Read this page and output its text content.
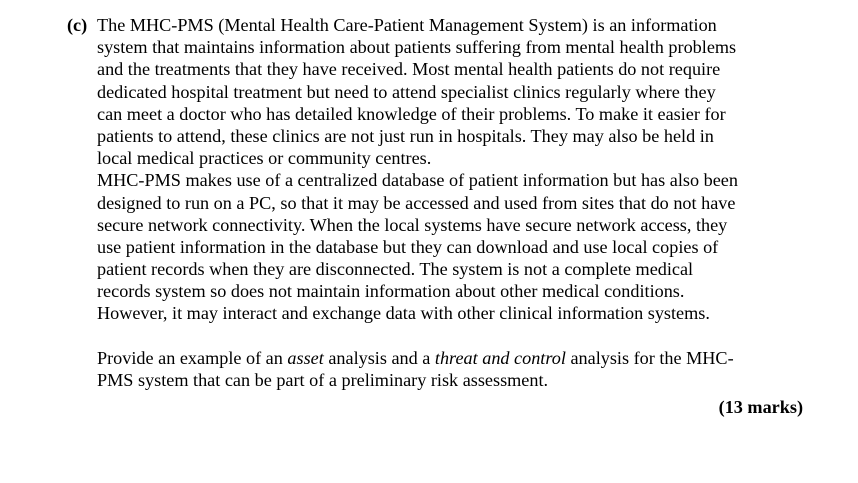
(c) The MHC-PMS (Mental Health Care-Patient Management System) is an information
system that maintains information about patients suffering from mental health problems
and the treatments that they have received. Most mental health patients do not require
dedicated hospital treatment but need to attend specialist clinics regularly where they
can meet a doctor who has detailed knowledge of their problems. To make it easier for
patients to attend, these clinics are not just run in hospitals. They may also be held in
local medical practices or community centres.
MHC-PMS makes use of a centralized database of patient information but has also been
designed to run on a PC, so that it may be accessed and used from sites that do not have
secure network connectivity. When the local systems have secure network access, they
use patient information in the database but they can download and use local copies of
patient records when they are disconnected. The system is not a complete medical
records system so does not maintain information about other medical conditions.
However, it may interact and exchange data with other clinical information systems.
Provide an example of an asset analysis and a threat and control analysis for the MHC-
PMS system that can be part of a preliminary risk assessment.
(13 marks)
